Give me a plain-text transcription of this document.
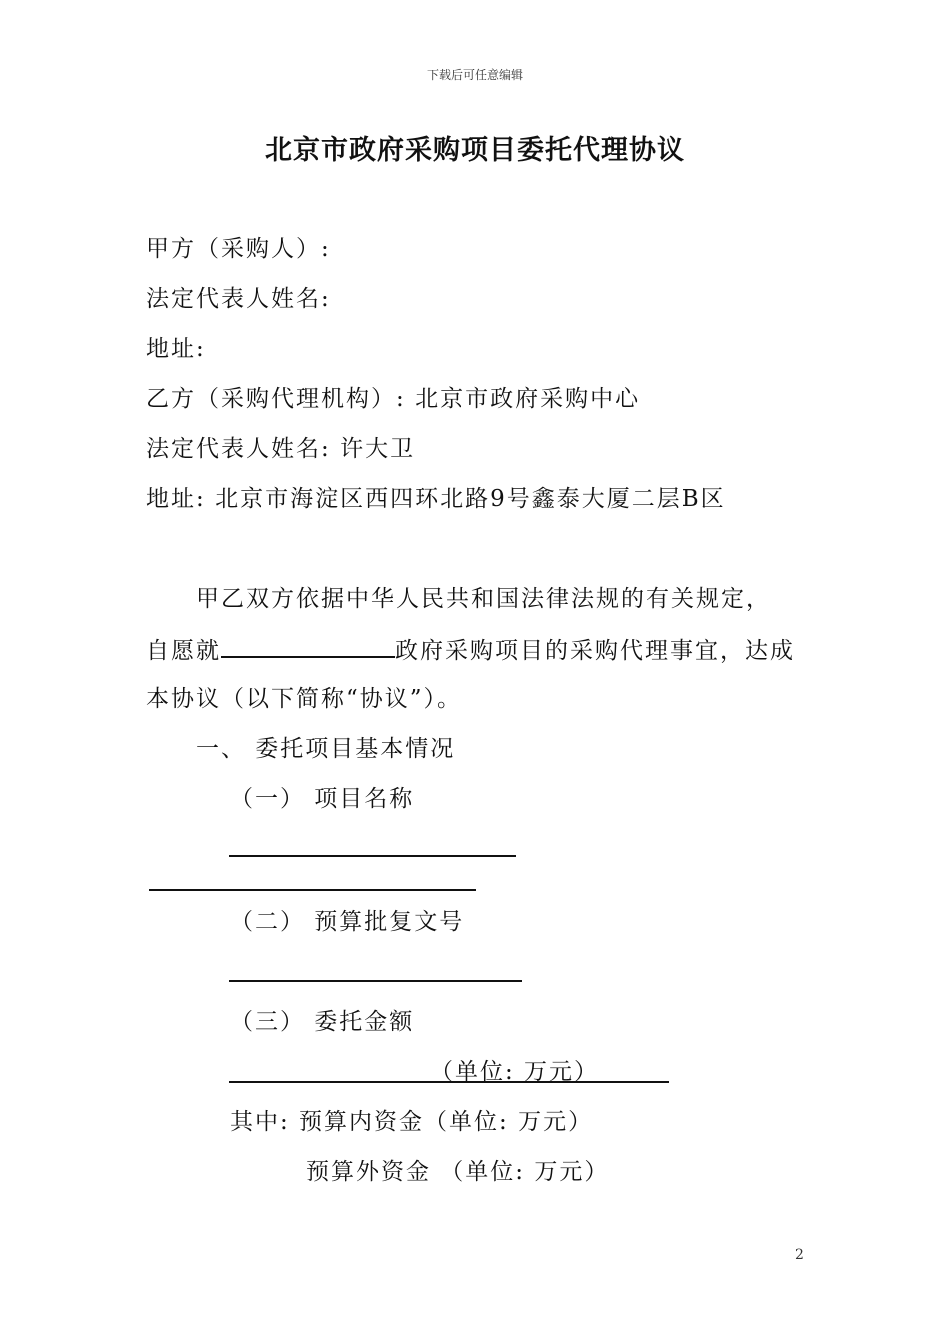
下载后可任意编辑
北京市政府采购项目委托代理协议
甲方（采购人）:
法定代表人姓名:
地址:
乙方（采购代理机构）: 北京市政府采购中心
法定代表人姓名: 许大卫
地址: 北京市海淀区西四环北路9号鑫泰大厦二层B区
甲乙双方依据中华人民共和国法律法规的有关规定，
自愿就	政府采购项目的采购代理事宜，达成
本协议（以下简称“协议”）。
一、 委托项目基本情况
（一） 项目名称
（二） 预算批复文号
（三） 委托金额
（单位: 万元）
其中: 预算内资金（单位: 万元）
预算外资金 （单位: 万元）
2
